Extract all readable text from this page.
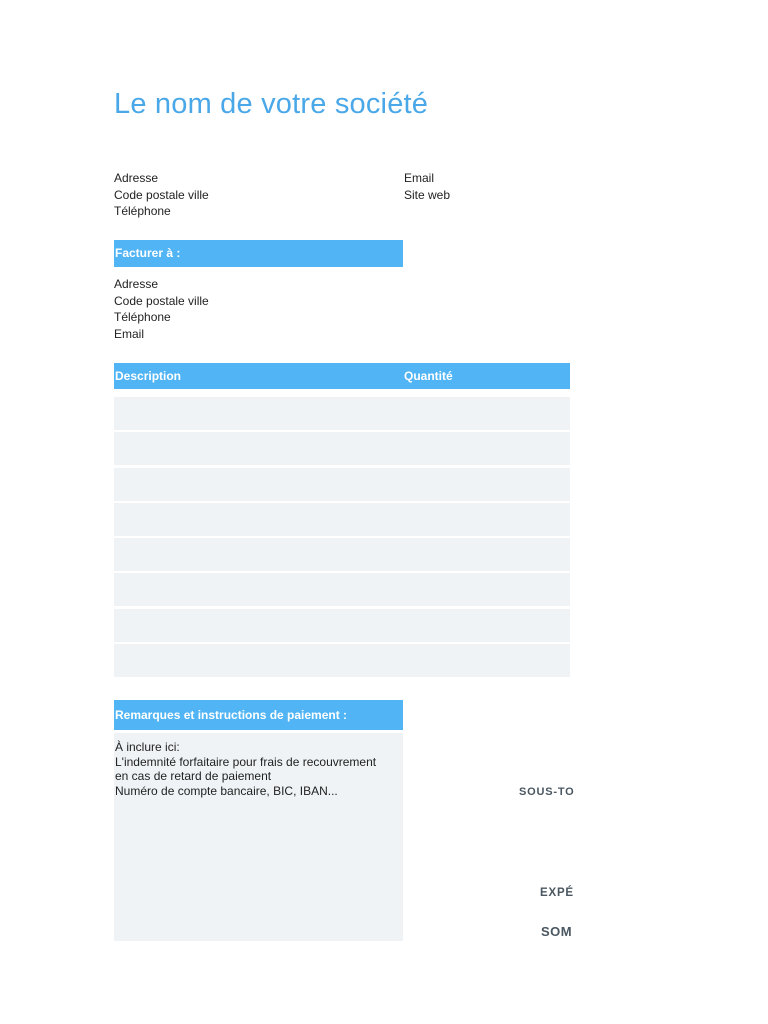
Le nom de votre société
Adresse
Code postale ville
Téléphone
Email
Site web
Facturer à :
Adresse
Code postale ville
Téléphone
Email
Description	Quantité
Remarques et instructions de paiement :
À inclure ici:
L'indemnité forfaitaire pour frais de recouvrement
en cas de retard de paiement
Numéro de compte bancaire, BIC, IBAN...	SOUS-TO
EXPÉ
SOM
